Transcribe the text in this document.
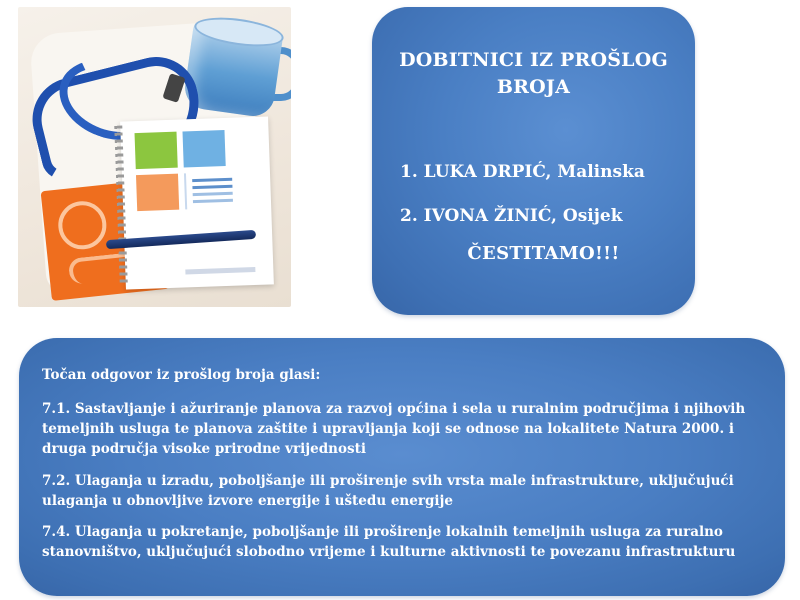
DOBITNICI IZ PROŠLOG BROJA
1. LUKA DRPIĆ, Malinska
2. IVONA ŽINIĆ, Osijek
ČESTITAMO!!!
Točan odgovor iz prošlog broja glasi:
7.1. Sastavljanje i ažuriranje planova za razvoj općina i sela u ruralnim područjima i njihovih temeljnih usluga te planova zaštite i upravljanja koji se odnose na lokalitete Natura 2000. i druga područja visoke prirodne vrijednosti
7.2. Ulaganja u izradu, poboljšanje ili proširenje svih vrsta male infrastrukture, uključujući ulaganja u obnovljive izvore energije i uštedu energije
7.4. Ulaganja u pokretanje, poboljšanje ili proširenje lokalnih temeljnih usluga za ruralno stanovništvo, uključujući slobodno vrijeme i kulturne aktivnosti te povezanu infrastrukturu
